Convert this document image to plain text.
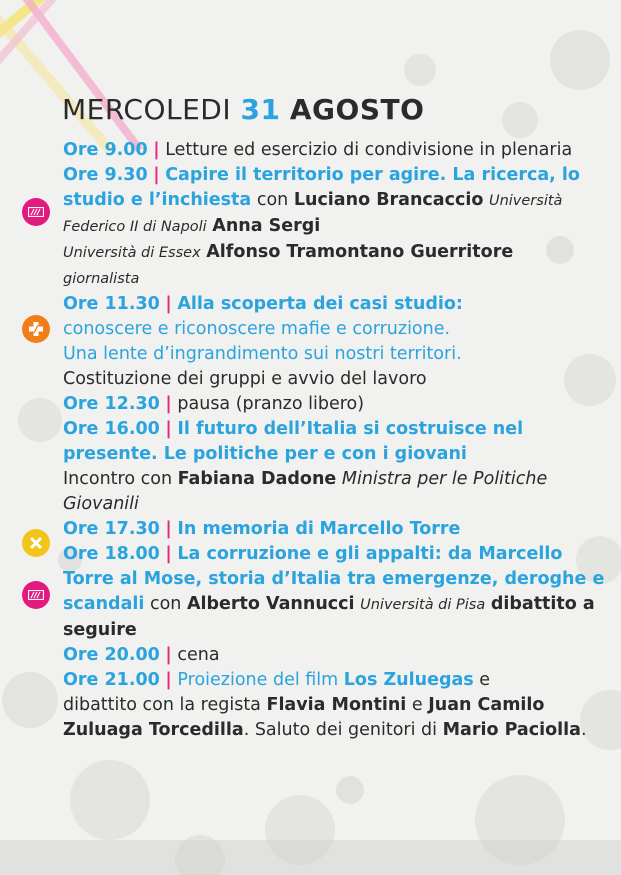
MERCOLEDI 31 AGOSTO

Ore 9.00 | Letture ed esercizio di condivisione in plenaria

Ore 9.30 | Capire il territorio per agire. La ricerca, lo studio e l’inchiesta con Luciano Brancaccio Università Federico II di Napoli Anna Sergi
Università di Essex Alfonso Tramontano Guerritore
giornalista

Ore 11.30 | Alla scoperta dei casi studio:
conoscere e riconoscere mafie e corruzione.
Una lente d’ingrandimento sui nostri territori.
Costituzione dei gruppi e avvio del lavoro

Ore 12.30 | pausa (pranzo libero)

Ore 16.00 | Il futuro dell’Italia si costruisce nel presente. Le politiche per e con i giovani
Incontro con Fabiana Dadone Ministra per le Politiche Giovanili

Ore 17.30 | In memoria di Marcello Torre

Ore 18.00 | La corruzione e gli appalti: da Marcello Torre al Mose, storia d’Italia tra emergenze, deroghe e scandali con Alberto Vannucci Università di Pisa dibattito a seguire

Ore 20.00 | cena

Ore 21.00 | Proiezione del film Los Zuluegas e
dibattito con la regista Flavia Montini e Juan Camilo Zuluaga Torcedilla. Saluto dei genitori di Mario Paciolla.
